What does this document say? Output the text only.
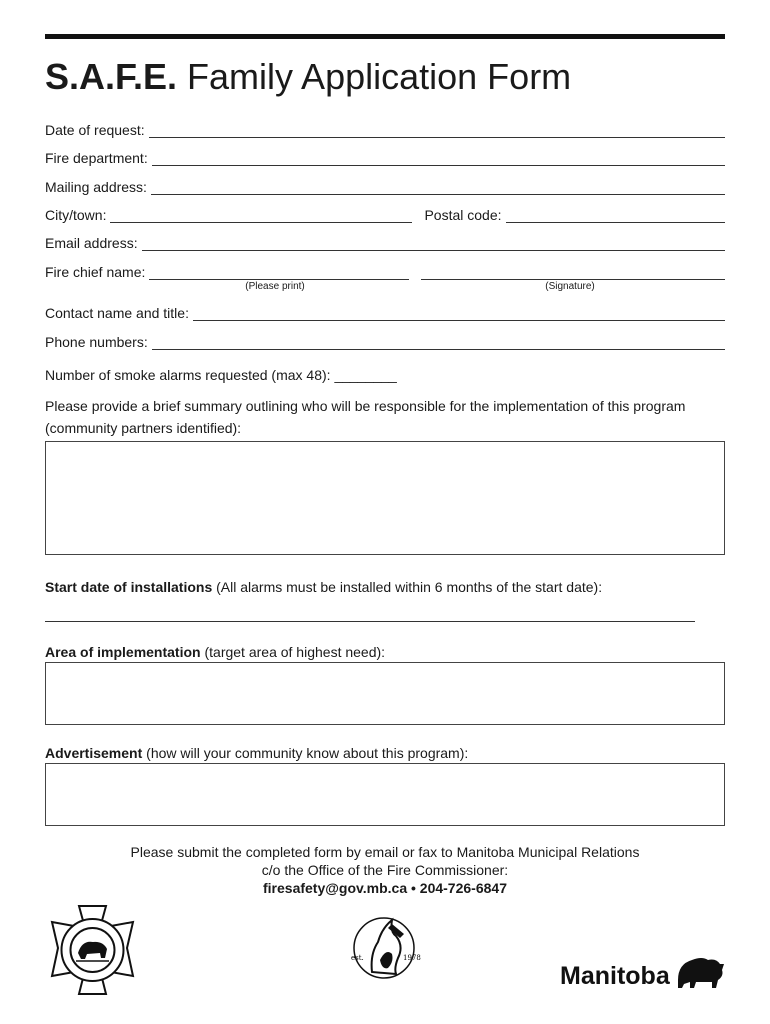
S.A.F.E. Family Application Form
Date of request:
Fire department:
Mailing address:
City/town:	Postal code:
Email address:
Fire chief name:
(Please print)	(Signature)
Contact name and title:
Phone numbers:
Number of smoke alarms requested (max 48): ________
Please provide a brief summary outlining who will be responsible for the implementation of this program (community partners identified):
Start date of installations (All alarms must be installed within 6 months of the start date):
Area of implementation (target area of highest need):
Advertisement (how will your community know about this program):
Please submit the completed form by email or fax to Manitoba Municipal Relations
c/o the Office of the Fire Commissioner:
firesafety@gov.mb.ca • 204-726-6847
est.	1978
Manitoba
